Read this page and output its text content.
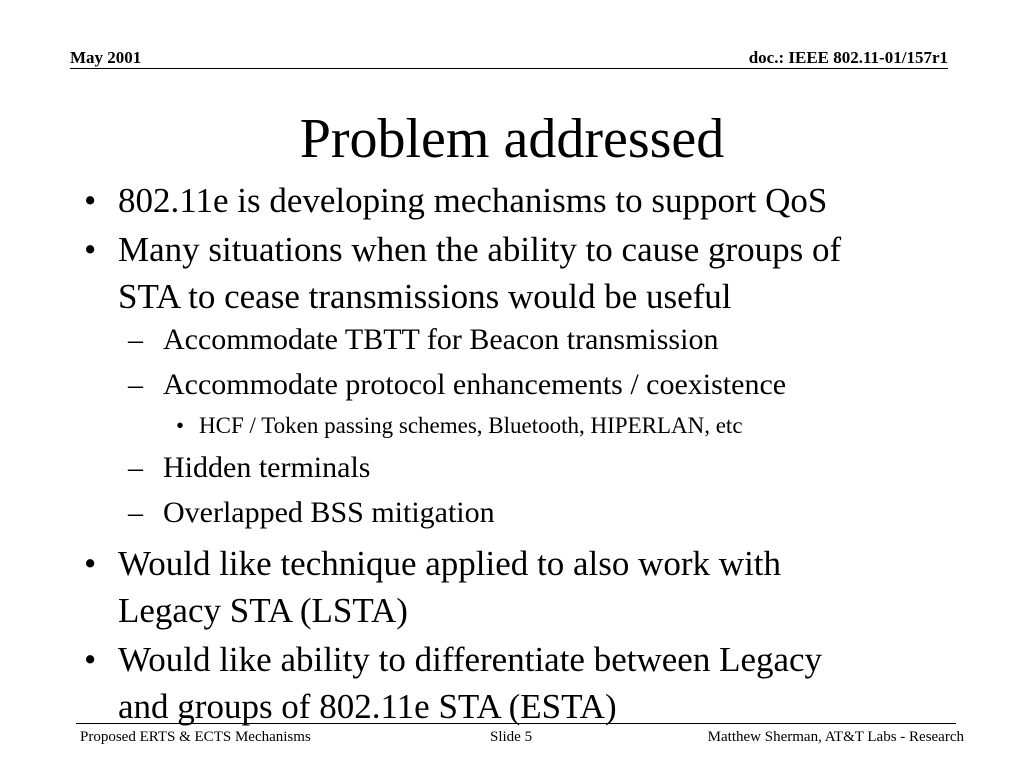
May 2001	doc.: IEEE 802.11-01/157r1
Problem addressed
• 802.11e is developing mechanisms to support QoS
• Many situations when the ability to cause groups of
STA to cease transmissions would be useful
– Accommodate TBTT for Beacon transmission
– Accommodate protocol enhancements / coexistence
• HCF / Token passing schemes, Bluetooth, HIPERLAN, etc
– Hidden terminals
– Overlapped BSS mitigation
• Would like technique applied to also work with
Legacy STA (LSTA)
• Would like ability to differentiate between Legacy
and groups of 802.11e STA (ESTA)
Proposed ERTS & ECTS Mechanisms	Slide 5	Matthew Sherman, AT&T Labs - Research
